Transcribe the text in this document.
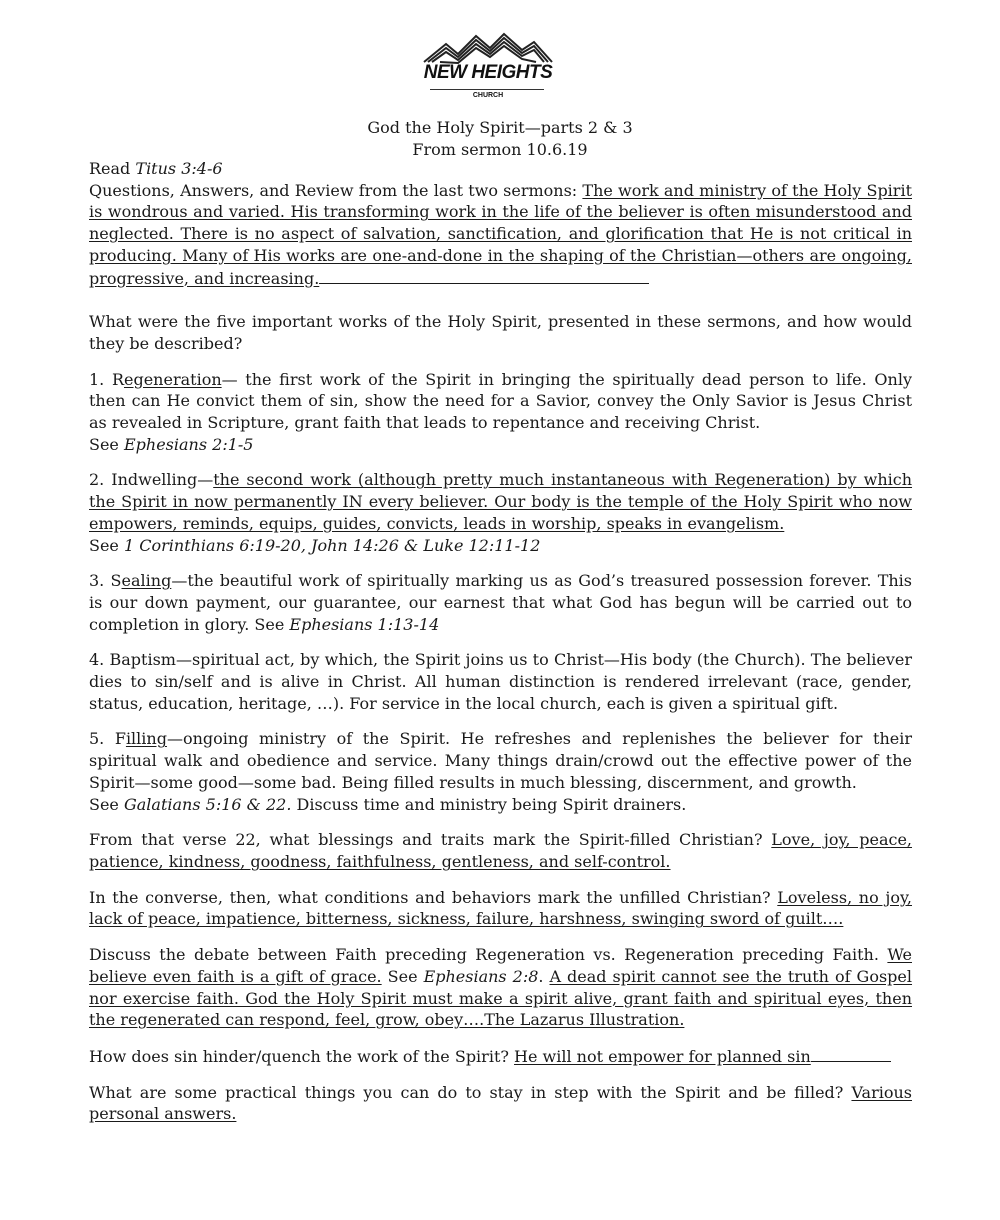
NEW HEIGHTS
CHURCH
God the Holy Spirit—parts 2 & 3
From sermon 10.6.19

Read Titus 3:4-6
Questions, Answers, and Review from the last two sermons: The work and ministry of the Holy Spirit is wondrous and varied. His transforming work in the life of the believer is often misunderstood and neglected. There is no aspect of salvation, sanctification, and glorification that He is not critical in producing. Many of His works are one-and-done in the shaping of the Christian—others are ongoing, progressive, and increasing.

What were the five important works of the Holy Spirit, presented in these sermons, and how would they be described?

1. Regeneration— the first work of the Spirit in bringing the spiritually dead person to life. Only then can He convict them of sin, show the need for a Savior, convey the Only Savior is Jesus Christ as revealed in Scripture, grant faith that leads to repentance and receiving Christ.
See Ephesians 2:1-5

2. Indwelling—the second work (although pretty much instantaneous with Regeneration) by which the Spirit in now permanently IN every believer. Our body is the temple of the Holy Spirit who now empowers, reminds, equips, guides, convicts, leads in worship, speaks in evangelism.
See 1 Corinthians 6:19-20, John 14:26 & Luke 12:11-12

3. Sealing—the beautiful work of spiritually marking us as God’s treasured possession forever. This is our down payment, our guarantee, our earnest that what God has begun will be carried out to completion in glory. See Ephesians 1:13-14

4. Baptism—spiritual act, by which, the Spirit joins us to Christ—His body (the Church). The believer dies to sin/self and is alive in Christ. All human distinction is rendered irrelevant (race, gender, status, education, heritage, …). For service in the local church, each is given a spiritual gift.

5. Filling—ongoing ministry of the Spirit. He refreshes and replenishes the believer for their spiritual walk and obedience and service. Many things drain/crowd out the effective power of the Spirit—some good—some bad. Being filled results in much blessing, discernment, and growth.
See Galatians 5:16 & 22. Discuss time and ministry being Spirit drainers.

From that verse 22, what blessings and traits mark the Spirit-filled Christian? Love, joy, peace, patience, kindness, goodness, faithfulness, gentleness, and self-control.

In the converse, then, what conditions and behaviors mark the unfilled Christian? Loveless, no joy, lack of peace, impatience, bitterness, sickness, failure, harshness, swinging sword of guilt….

Discuss the debate between Faith preceding Regeneration vs. Regeneration preceding Faith. We believe even faith is a gift of grace. See Ephesians 2:8. A dead spirit cannot see the truth of Gospel nor exercise faith. God the Holy Spirit must make a spirit alive, grant faith and spiritual eyes, then the regenerated can respond, feel, grow, obey….The Lazarus Illustration.

How does sin hinder/quench the work of the Spirit? He will not empower for planned sin

What are some practical things you can do to stay in step with the Spirit and be filled? Various personal answers.
